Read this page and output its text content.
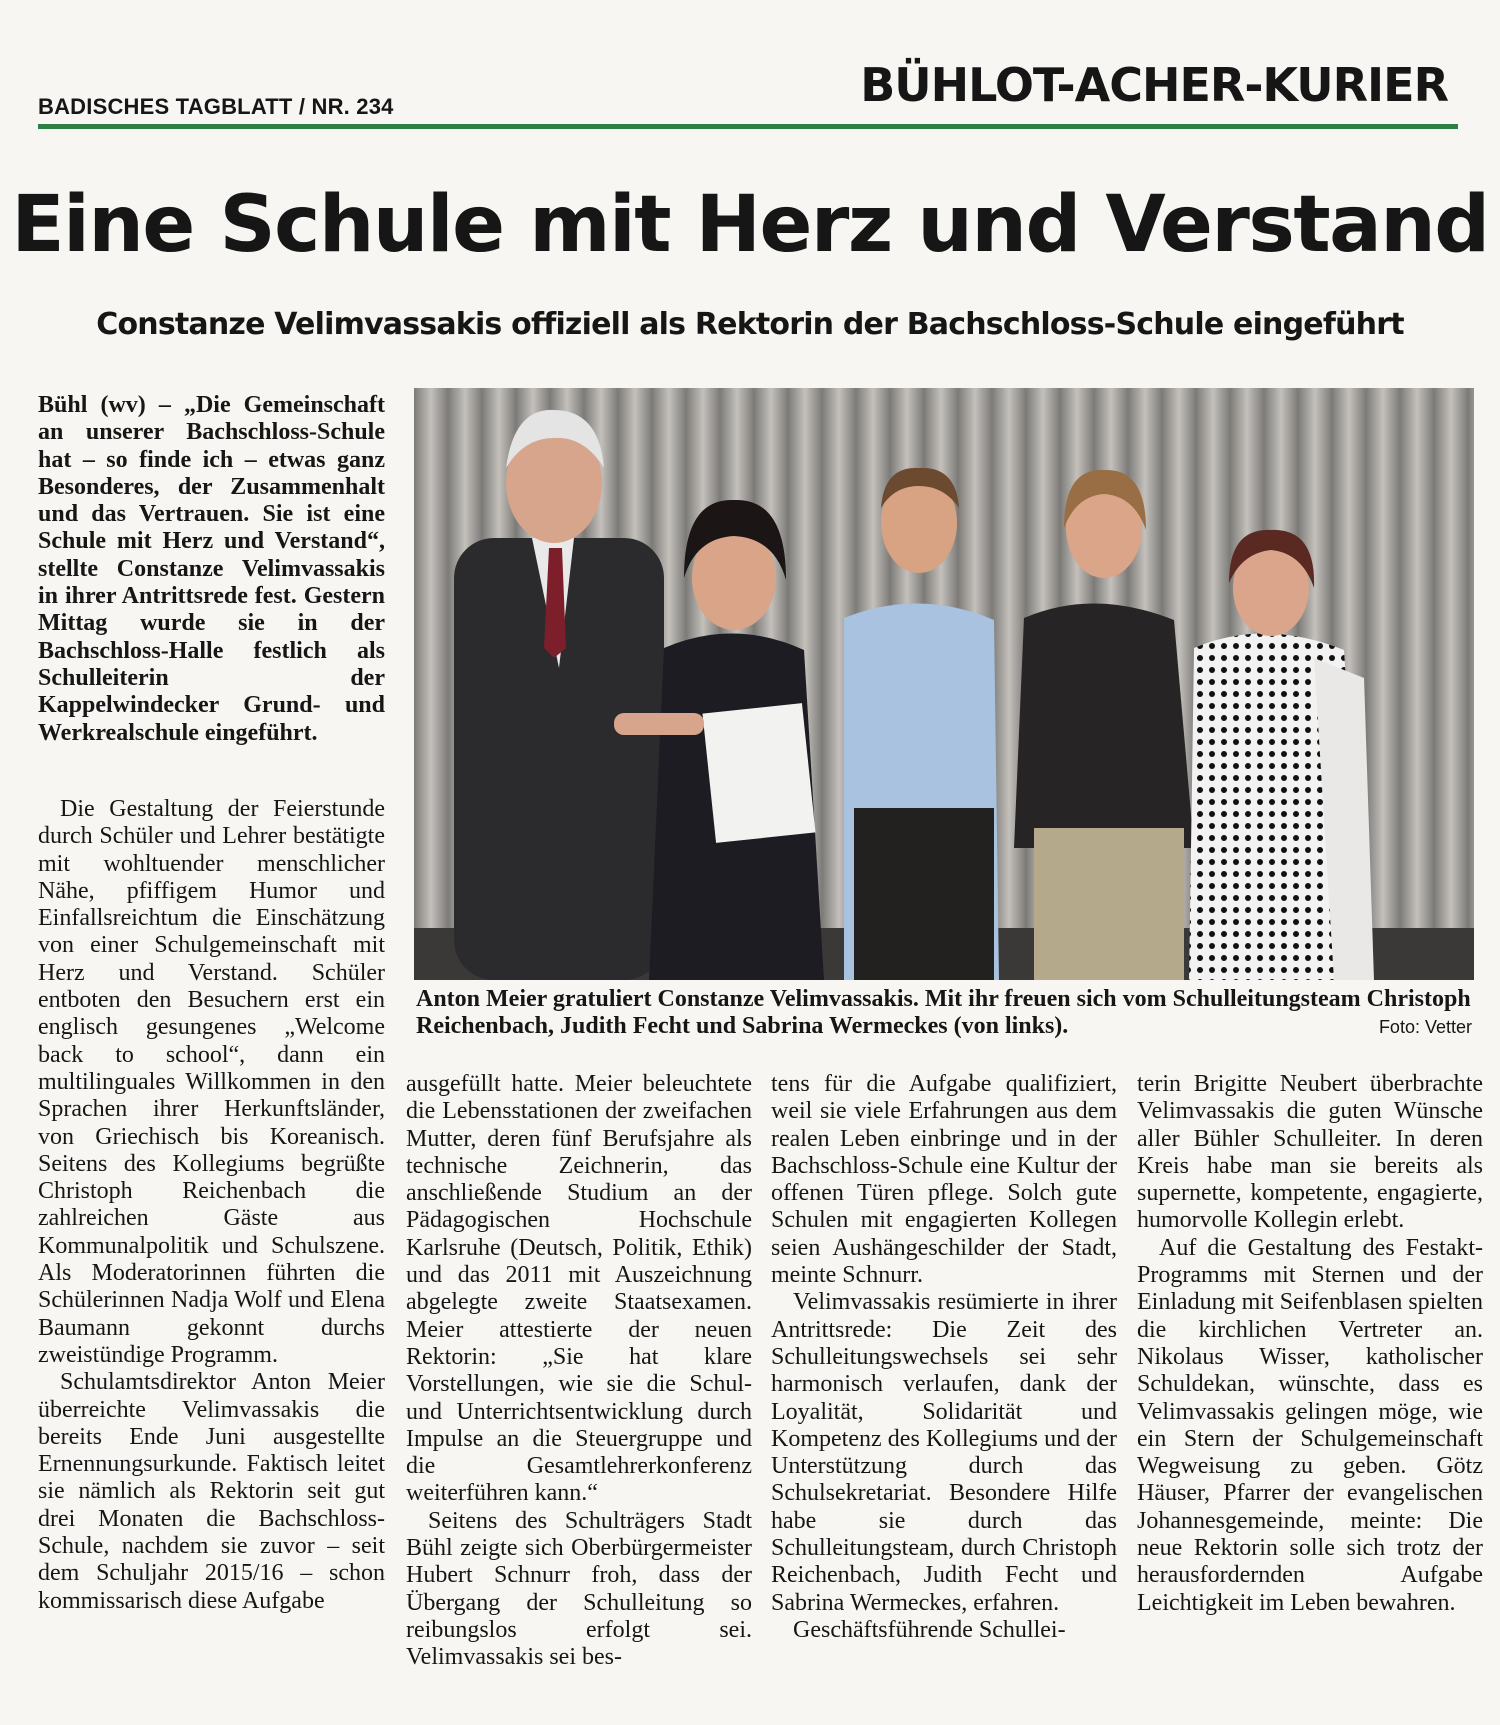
BADISCHES TAGBLATT / NR. 234	BÜHLOT-ACHER-KURIER
Eine Schule mit Herz und Verstand
Constanze Velimvassakis offiziell als Rektorin der Bachschloss-Schule eingeführt

Bühl (wv) – „Die Gemeinschaft an unserer Bachschloss-Schule hat – so finde ich – etwas ganz Besonderes, der Zusammenhalt und das Vertrauen. Sie ist eine Schule mit Herz und Verstand“, stellte Constanze Velimvassakis in ihrer Antrittsrede fest. Gestern Mittag wurde sie in der Bachschloss-Halle festlich als Schulleiterin der Kappelwindecker Grund- und Werkrealschule eingeführt.

Die Gestaltung der Feierstunde durch Schüler und Lehrer bestätigte mit wohltuender menschlicher Nähe, pfiffigem Humor und Einfallsreichtum die Einschätzung von einer Schulgemeinschaft mit Herz und Verstand. Schüler entboten den Besuchern erst ein englisch gesungenes „Welcome back to school“, dann ein multilinguales Willkommen in den Sprachen ihrer Herkunftsländer, von Griechisch bis Koreanisch. Seitens des Kollegiums begrüßte Christoph Reichenbach die zahlreichen Gäste aus Kommunalpolitik und Schulszene. Als Moderatorinnen führten die Schülerinnen Nadja Wolf und Elena Baumann gekonnt durchs zweistündige Programm.

Schulamtsdirektor Anton Meier überreichte Velimvassakis die bereits Ende Juni ausgestellte Ernennungsurkunde. Faktisch leitet sie nämlich als Rektorin seit gut drei Monaten die Bachschloss-Schule, nachdem sie zuvor – seit dem Schuljahr 2015/16 – schon kommissarisch diese Aufgabe

Anton Meier gratuliert Constanze Velimvassakis. Mit ihr freuen sich vom Schulleitungsteam Christoph Reichenbach, Judith Fecht und Sabrina Wermeckes (von links).	Foto: Vetter

ausgefüllt hatte. Meier beleuchtete die Lebensstationen der zweifachen Mutter, deren fünf Berufsjahre als technische Zeichnerin, das anschließende Studium an der Pädagogischen Hochschule Karlsruhe (Deutsch, Politik, Ethik) und das 2011 mit Auszeichnung abgelegte zweite Staatsexamen. Meier attestierte der neuen Rektorin: „Sie hat klare Vorstellungen, wie sie die Schul- und Unterrichtsentwicklung durch Impulse an die Steuergruppe und die Gesamtlehrerkonferenz weiterführen kann.“

Seitens des Schulträgers Stadt Bühl zeigte sich Oberbürgermeister Hubert Schnurr froh, dass der Übergang der Schulleitung so reibungslos erfolgt sei. Velimvassakis sei bes-

tens für die Aufgabe qualifiziert, weil sie viele Erfahrungen aus dem realen Leben einbringe und in der Bachschloss-Schule eine Kultur der offenen Türen pflege. Solch gute Schulen mit engagierten Kollegen seien Aushängeschilder der Stadt, meinte Schnurr.

Velimvassakis resümierte in ihrer Antrittsrede: Die Zeit des Schulleitungswechsels sei sehr harmonisch verlaufen, dank der Loyalität, Solidarität und Kompetenz des Kollegiums und der Unterstützung durch das Schulsekretariat. Besondere Hilfe habe sie durch das Schulleitungsteam, durch Christoph Reichenbach, Judith Fecht und Sabrina Wermeckes, erfahren.

Geschäftsführende Schullei-

terin Brigitte Neubert überbrachte Velimvassakis die guten Wünsche aller Bühler Schulleiter. In deren Kreis habe man sie bereits als supernette, kompetente, engagierte, humorvolle Kollegin erlebt.

Auf die Gestaltung des Festakt-Programms mit Sternen und der Einladung mit Seifenblasen spielten die kirchlichen Vertreter an. Nikolaus Wisser, katholischer Schuldekan, wünschte, dass es Velimvassakis gelingen möge, wie ein Stern der Schulgemeinschaft Wegweisung zu geben. Götz Häuser, Pfarrer der evangelischen Johannesgemeinde, meinte: Die neue Rektorin solle sich trotz der herausfordernden Aufgabe Leichtigkeit im Leben bewahren.
